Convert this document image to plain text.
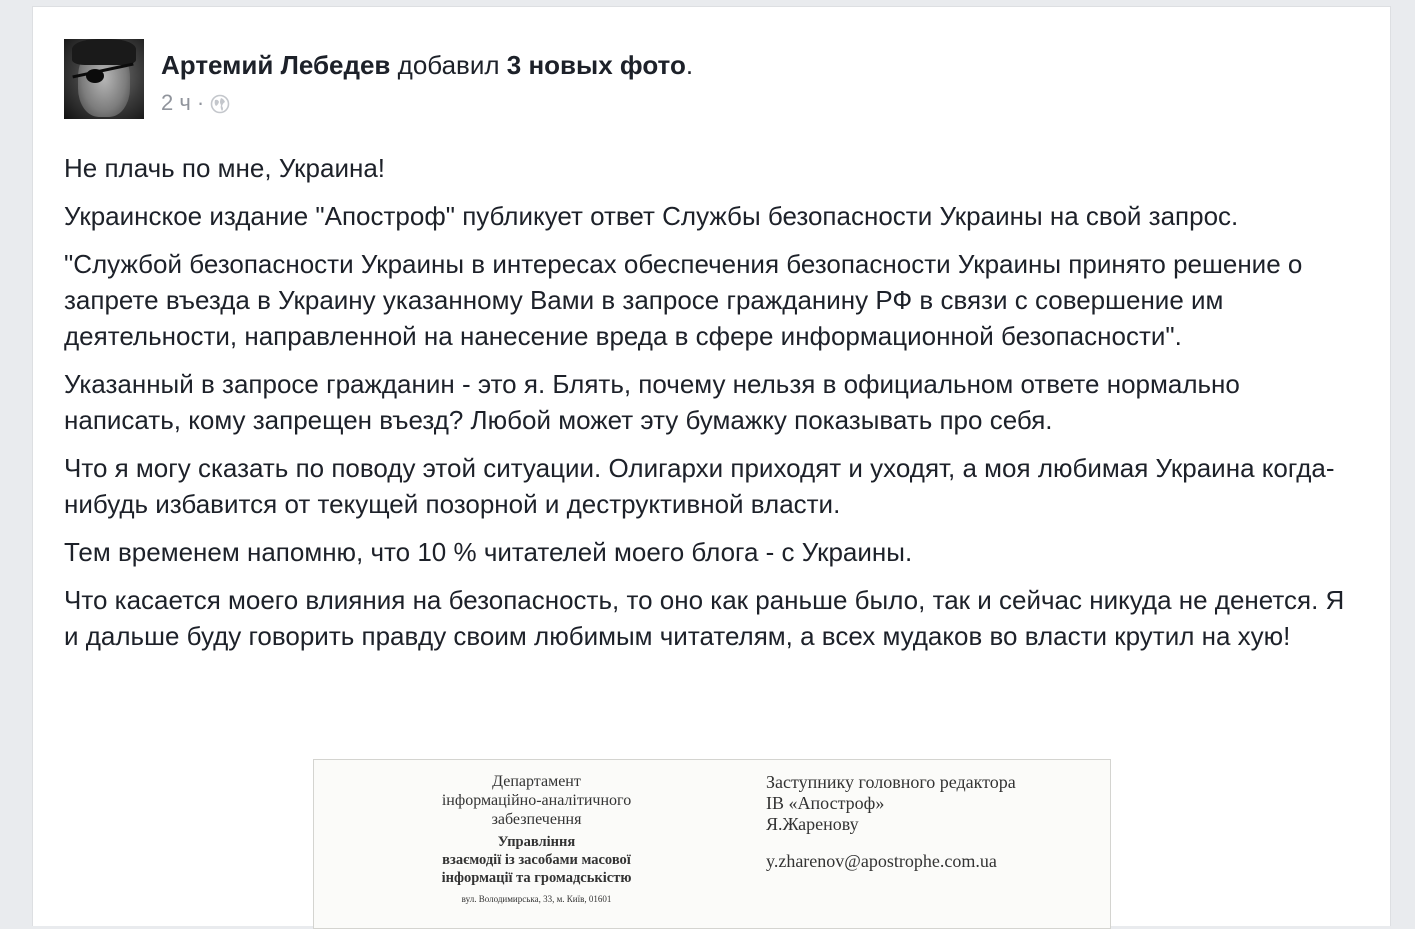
Артемий Лебедев добавил 3 новых фото.
2 ч ·

Не плачь по мне, Украина!

Украинское издание "Апостроф" публикует ответ Службы безопасности Украины на свой запрос.

"Службой безопасности Украины в интересах обеспечения безопасности Украины принято решение о запрете въезда в Украину указанному Вами в запросе гражданину РФ в связи с совершение им деятельности, направленной на нанесение вреда в сфере информационной безопасности".

Указанный в запросе гражданин - это я. Блять, почему нельзя в официальном ответе нормально написать, кому запрещен въезд? Любой может эту бумажку показывать про себя.

Что я могу сказать по поводу этой ситуации. Олигархи приходят и уходят, а моя любимая Украина когда-нибудь избавится от текущей позорной и деструктивной власти.

Тем временем напомню, что 10 % читателей моего блога - с Украины.

Что касается моего влияния на безопасность, то оно как раньше было, так и сейчас никуда не денется. Я и дальше буду говорить правду своим любимым читателям, а всех мудаков во власти крутил на хую!

Департамент
інформаційно-аналітичного
забезпечення
Управління
взаємодії із засобами масової
інформації та громадськістю
вул. Володимирська, 33, м. Київ, 01601
Заступнику головного редактора
ІВ «Апостроф»
Я.Жаренову
y.zharenov@apostrophe.com.ua
